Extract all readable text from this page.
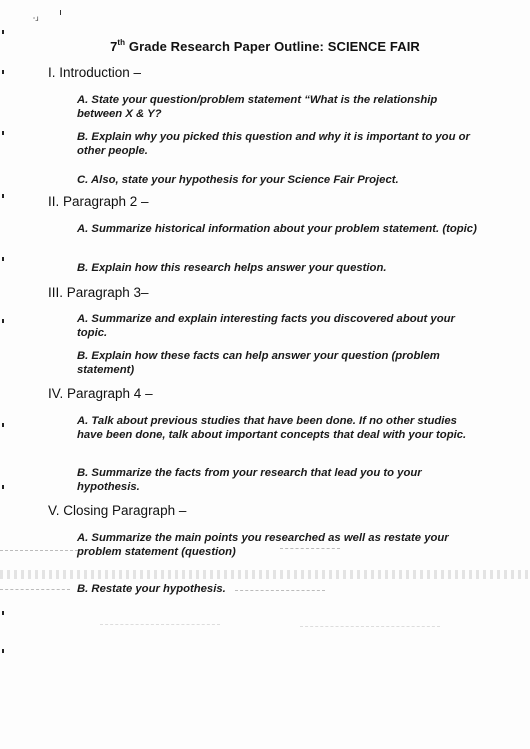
˒ɹ
7th Grade Research Paper Outline: SCIENCE FAIR
I. Introduction –
A. State your question/problem statement “What is the relationship between X & Y?
B. Explain why you picked this question and why it is important to you or other people.
C. Also, state your hypothesis for your Science Fair Project.
II. Paragraph 2 –
A. Summarize historical information about your problem statement. (topic)
B. Explain how this research helps answer your question.
III. Paragraph 3–
A. Summarize and explain interesting facts you discovered about your topic.
B. Explain how these facts can help answer your question (problem statement)
IV. Paragraph 4 –
A. Talk about previous studies that have been done. If no other studies have been done, talk about important concepts that deal with your topic.
B. Summarize the facts from your research that lead you to your hypothesis.
V. Closing Paragraph –
A. Summarize the main points you researched as well as restate your problem statement (question)
B. Restate your hypothesis.
